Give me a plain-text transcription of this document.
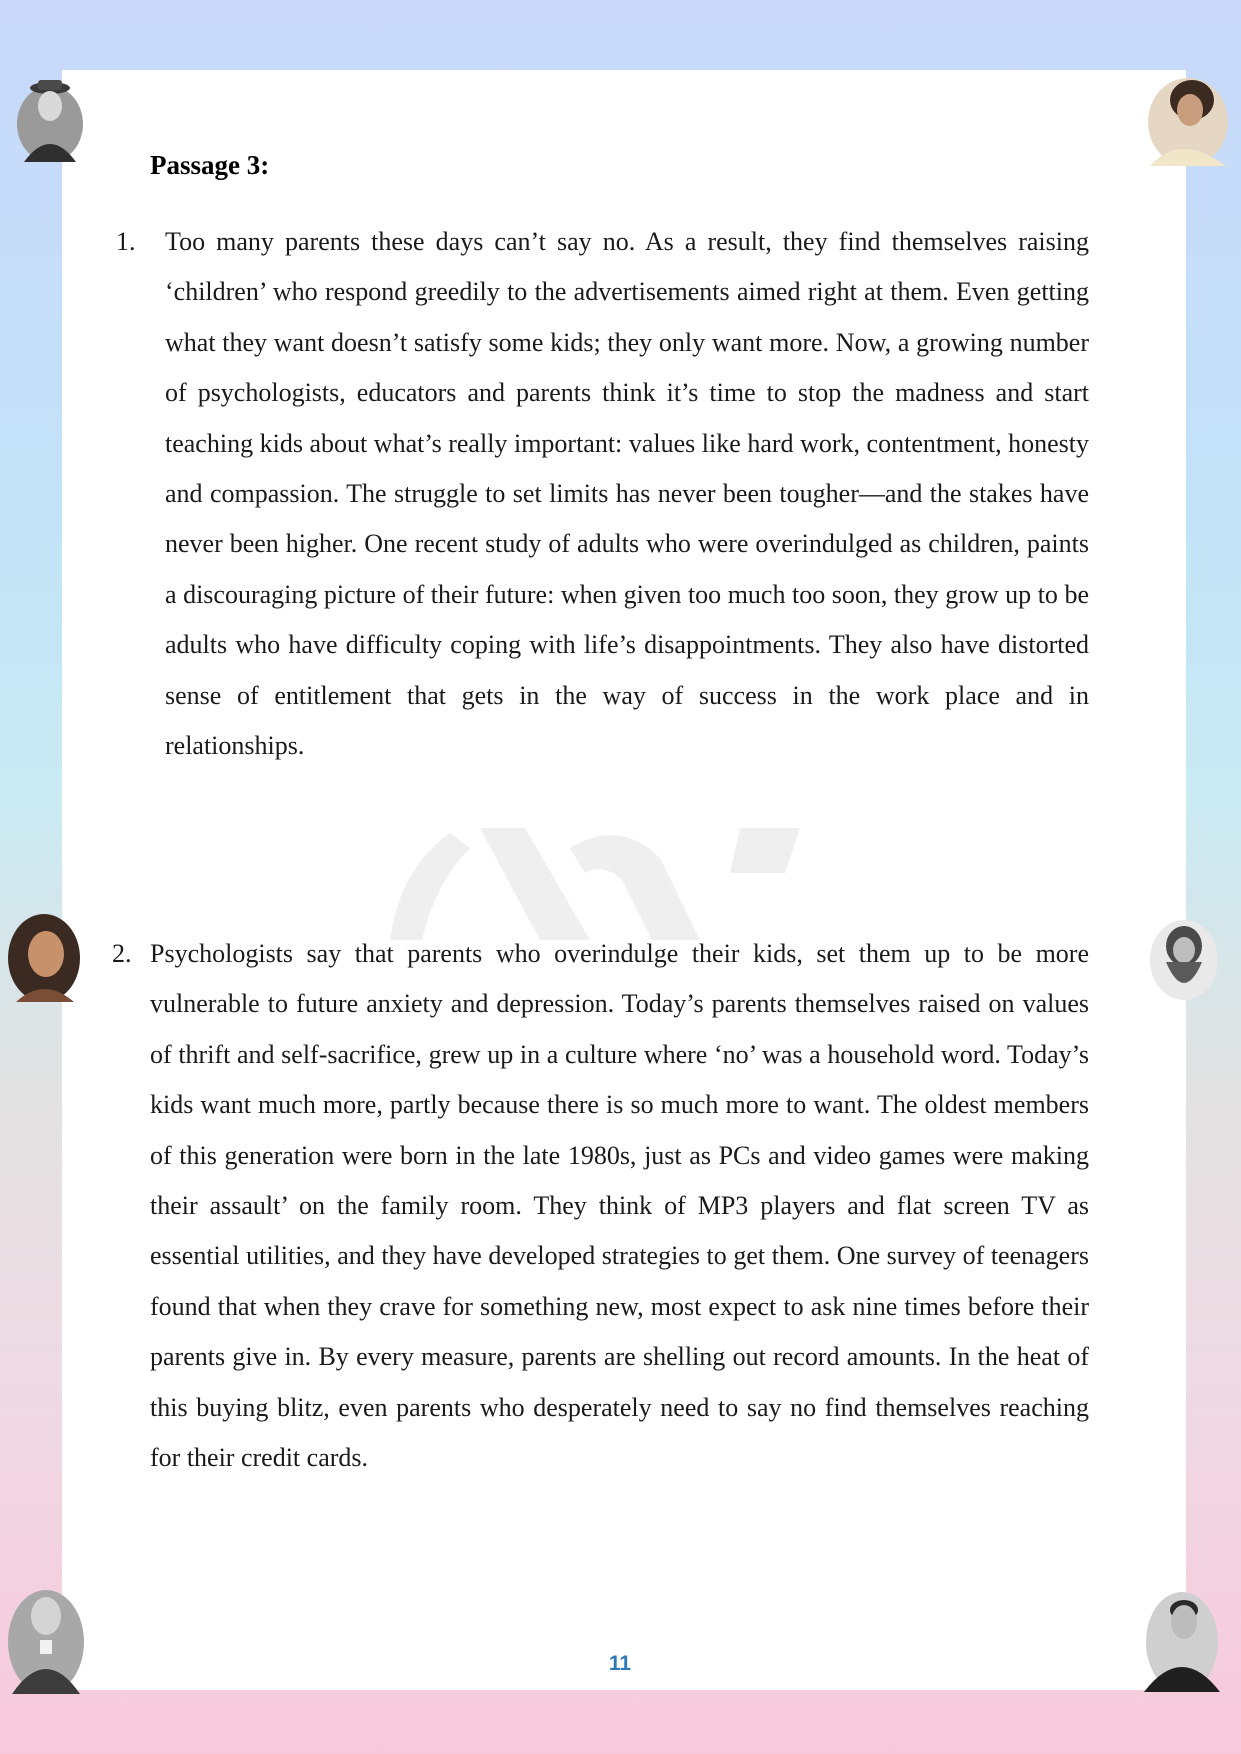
Passage 3:
1. Too many parents these days can’t say no. As a result, they find themselves raising ‘children’ who respond greedily to the advertisements aimed right at them. Even getting what they want doesn’t satisfy some kids; they only want more. Now, a growing number of psychologists, educators and parents think it’s time to stop the madness and start teaching kids about what’s really important: values like hard work, contentment, honesty and compassion. The struggle to set limits has never been tougher—and the stakes have never been higher. One recent study of adults who were overindulged as children, paints a discouraging picture of their future: when given too much too soon, they grow up to be adults who have difficulty coping with life’s disappointments. They also have distorted sense of entitlement that gets in the way of success in the work place and in relationships.

2. Psychologists say that parents who overindulge their kids, set them up to be more vulnerable to future anxiety and depression. Today’s parents themselves raised on values of thrift and self-sacrifice, grew up in a culture where ‘no’ was a household word. Today’s kids want much more, partly because there is so much more to want. The oldest members of this generation were born in the late 1980s, just as PCs and video games were making their assault’ on the family room. They think of MP3 players and flat screen TV as essential utilities, and they have developed strategies to get them. One survey of teenagers found that when they crave for something new, most expect to ask nine times before their parents give in. By every measure, parents are shelling out record amounts. In the heat of this buying blitz, even parents who desperately need to say no find themselves reaching for their credit cards.

11
